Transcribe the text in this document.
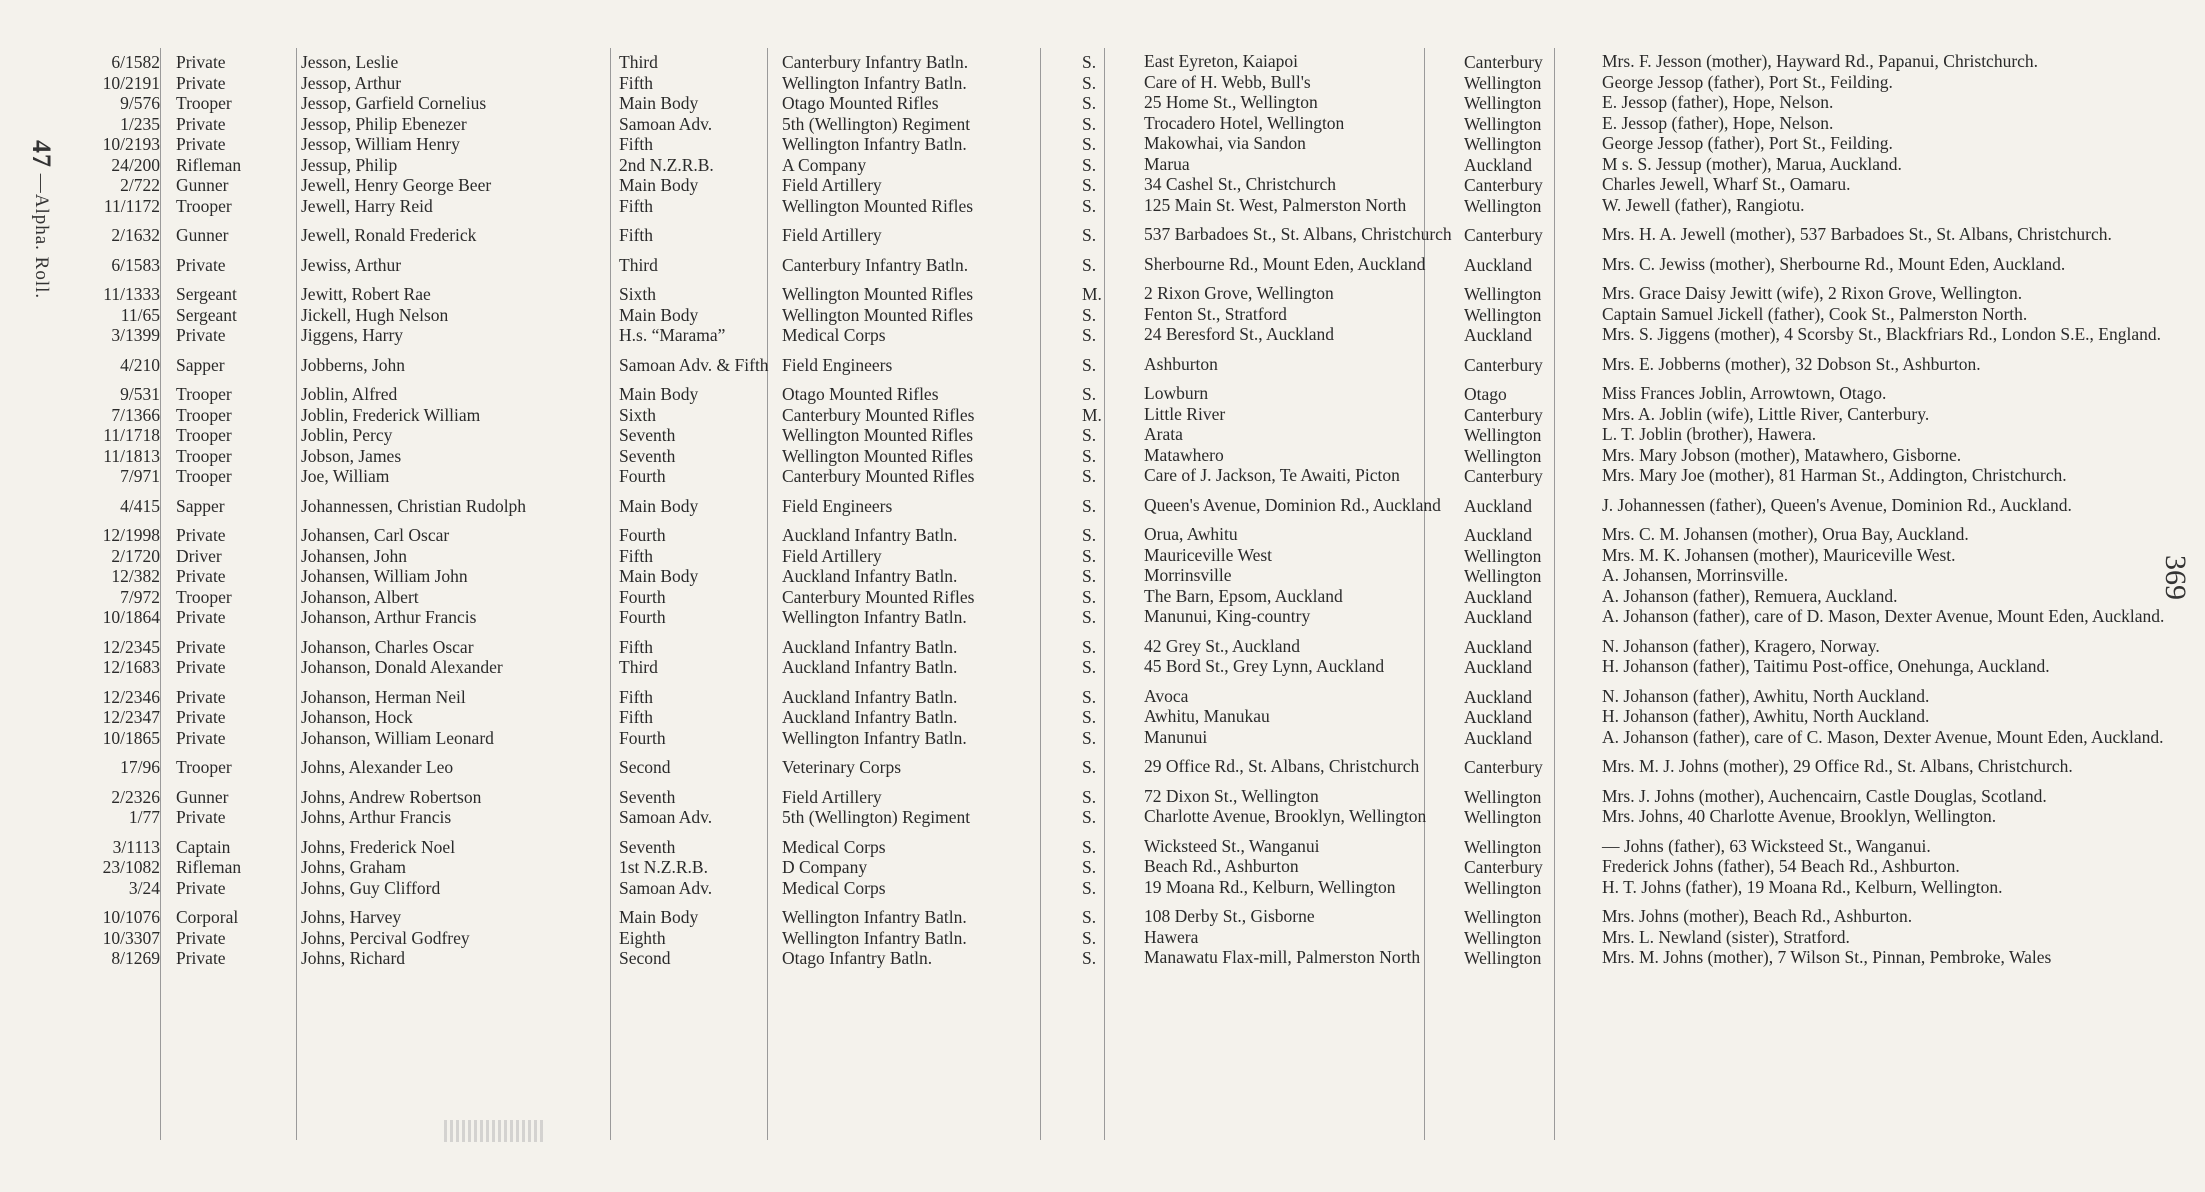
47 —Alpha. Roll.
6/1582	Private	Jesson, Leslie	Third	Canterbury Infantry Batln.	S.	East Eyreton, Kaiapoi	Canterbury	Mrs. F. Jesson (mother), Hayward Rd., Papanui, Christchurch.
10/2191	Private	Jessop, Arthur	Fifth	Wellington Infantry Batln.	S.	Care of H. Webb, Bull's	Wellington	George Jessop (father), Port St., Feilding.
9/576	Trooper	Jessop, Garfield Cornelius	Main Body	Otago Mounted Rifles	S.	25 Home St., Wellington	Wellington	E. Jessop (father), Hope, Nelson.
1/235	Private	Jessop, Philip Ebenezer	Samoan Adv.	5th (Wellington) Regiment	S.	Trocadero Hotel, Wellington	Wellington	E. Jessop (father), Hope, Nelson.
10/2193	Private	Jessop, William Henry	Fifth	Wellington Infantry Batln.	S.	Makowhai, via Sandon	Wellington	George Jessop (father), Port St., Feilding.
24/200	Rifleman	Jessup, Philip	2nd N.Z.R.B.	A Company	S.	Marua	Auckland	M s. S. Jessup (mother), Marua, Auckland.
2/722	Gunner	Jewell, Henry George Beer	Main Body	Field Artillery	S.	34 Cashel St., Christchurch	Canterbury	Charles Jewell, Wharf St., Oamaru.
11/1172	Trooper	Jewell, Harry Reid	Fifth	Wellington Mounted Rifles	S.	125 Main St. West, Palmerston North	Wellington	W. Jewell (father), Rangiotu.
2/1632	Gunner	Jewell, Ronald Frederick	Fifth	Field Artillery	S.	537 Barbadoes St., St. Albans, Christchurch	Canterbury	Mrs. H. A. Jewell (mother), 537 Barbadoes St., St. Albans, Christchurch.
6/1583	Private	Jewiss, Arthur	Third	Canterbury Infantry Batln.	S.	Sherbourne Rd., Mount Eden, Auckland	Auckland	Mrs. C. Jewiss (mother), Sherbourne Rd., Mount Eden, Auckland.
11/1333	Sergeant	Jewitt, Robert Rae	Sixth	Wellington Mounted Rifles	M.	2 Rixon Grove, Wellington	Wellington	Mrs. Grace Daisy Jewitt (wife), 2 Rixon Grove, Wellington.
11/65	Sergeant	Jickell, Hugh Nelson	Main Body	Wellington Mounted Rifles	S.	Fenton St., Stratford	Wellington	Captain Samuel Jickell (father), Cook St., Palmerston North.
3/1399	Private	Jiggens, Harry	H.s. “Marama”	Medical Corps	S.	24 Beresford St., Auckland	Auckland	Mrs. S. Jiggens (mother), 4 Scorsby St., Blackfriars Rd., London S.E., England.
4/210	Sapper	Jobberns, John	Samoan Adv. & Fifth	Field Engineers	S.	Ashburton	Canterbury	Mrs. E. Jobberns (mother), 32 Dobson St., Ashburton.
9/531	Trooper	Joblin, Alfred	Main Body	Otago Mounted Rifles	S.	Lowburn	Otago	Miss Frances Joblin, Arrowtown, Otago.
7/1366	Trooper	Joblin, Frederick William	Sixth	Canterbury Mounted Rifles	M.	Little River	Canterbury	Mrs. A. Joblin (wife), Little River, Canterbury.
11/1718	Trooper	Joblin, Percy	Seventh	Wellington Mounted Rifles	S.	Arata	Wellington	L. T. Joblin (brother), Hawera.
11/1813	Trooper	Jobson, James	Seventh	Wellington Mounted Rifles	S.	Matawhero	Wellington	Mrs. Mary Jobson (mother), Matawhero, Gisborne.
7/971	Trooper	Joe, William	Fourth	Canterbury Mounted Rifles	S.	Care of J. Jackson, Te Awaiti, Picton	Canterbury	Mrs. Mary Joe (mother), 81 Harman St., Addington, Christchurch.
4/415	Sapper	Johannessen, Christian Rudolph	Main Body	Field Engineers	S.	Queen's Avenue, Dominion Rd., Auckland	Auckland	J. Johannessen (father), Queen's Avenue, Dominion Rd., Auckland.
12/1998	Private	Johansen, Carl Oscar	Fourth	Auckland Infantry Batln.	S.	Orua, Awhitu	Auckland	Mrs. C. M. Johansen (mother), Orua Bay, Auckland.
2/1720	Driver	Johansen, John	Fifth	Field Artillery	S.	Mauriceville West	Wellington	Mrs. M. K. Johansen (mother), Mauriceville West.
12/382	Private	Johansen, William John	Main Body	Auckland Infantry Batln.	S.	Morrinsville	Wellington	A. Johansen, Morrinsville.
7/972	Trooper	Johanson, Albert	Fourth	Canterbury Mounted Rifles	S.	The Barn, Epsom, Auckland	Auckland	A. Johanson (father), Remuera, Auckland.
10/1864	Private	Johanson, Arthur Francis	Fourth	Wellington Infantry Batln.	S.	Manunui, King-country	Auckland	A. Johanson (father), care of D. Mason, Dexter Avenue, Mount Eden, Auckland.
12/2345	Private	Johanson, Charles Oscar	Fifth	Auckland Infantry Batln.	S.	42 Grey St., Auckland	Auckland	N. Johanson (father), Kragero, Norway.
12/1683	Private	Johanson, Donald Alexander	Third	Auckland Infantry Batln.	S.	45 Bord St., Grey Lynn, Auckland	Auckland	H. Johanson (father), Taitimu Post-office, Onehunga, Auckland.
12/2346	Private	Johanson, Herman Neil	Fifth	Auckland Infantry Batln.	S.	Avoca	Auckland	N. Johanson (father), Awhitu, North Auckland.
12/2347	Private	Johanson, Hock	Fifth	Auckland Infantry Batln.	S.	Awhitu, Manukau	Auckland	H. Johanson (father), Awhitu, North Auckland.
10/1865	Private	Johanson, William Leonard	Fourth	Wellington Infantry Batln.	S.	Manunui	Auckland	A. Johanson (father), care of C. Mason, Dexter Avenue, Mount Eden, Auckland.
17/96	Trooper	Johns, Alexander Leo	Second	Veterinary Corps	S.	29 Office Rd., St. Albans, Christchurch	Canterbury	Mrs. M. J. Johns (mother), 29 Office Rd., St. Albans, Christchurch.
2/2326	Gunner	Johns, Andrew Robertson	Seventh	Field Artillery	S.	72 Dixon St., Wellington	Wellington	Mrs. J. Johns (mother), Auchencairn, Castle Douglas, Scotland.
1/77	Private	Johns, Arthur Francis	Samoan Adv.	5th (Wellington) Regiment	S.	Charlotte Avenue, Brooklyn, Wellington	Wellington	Mrs. Johns, 40 Charlotte Avenue, Brooklyn, Wellington.
3/1113	Captain	Johns, Frederick Noel	Seventh	Medical Corps	S.	Wicksteed St., Wanganui	Wellington	— Johns (father), 63 Wicksteed St., Wanganui.
23/1082	Rifleman	Johns, Graham	1st N.Z.R.B.	D Company	S.	Beach Rd., Ashburton	Canterbury	Frederick Johns (father), 54 Beach Rd., Ashburton.
3/24	Private	Johns, Guy Clifford	Samoan Adv.	Medical Corps	S.	19 Moana Rd., Kelburn, Wellington	Wellington	H. T. Johns (father), 19 Moana Rd., Kelburn, Wellington.
10/1076	Corporal	Johns, Harvey	Main Body	Wellington Infantry Batln.	S.	108 Derby St., Gisborne	Wellington	Mrs. Johns (mother), Beach Rd., Ashburton.
10/3307	Private	Johns, Percival Godfrey	Eighth	Wellington Infantry Batln.	S.	Hawera	Wellington	Mrs. L. Newland (sister), Stratford.
8/1269	Private	Johns, Richard	Second	Otago Infantry Batln.	S.	Manawatu Flax-mill, Palmerston North	Wellington	Mrs. M. Johns (mother), 7 Wilson St., Pinnan, Pembroke, Wales
369
